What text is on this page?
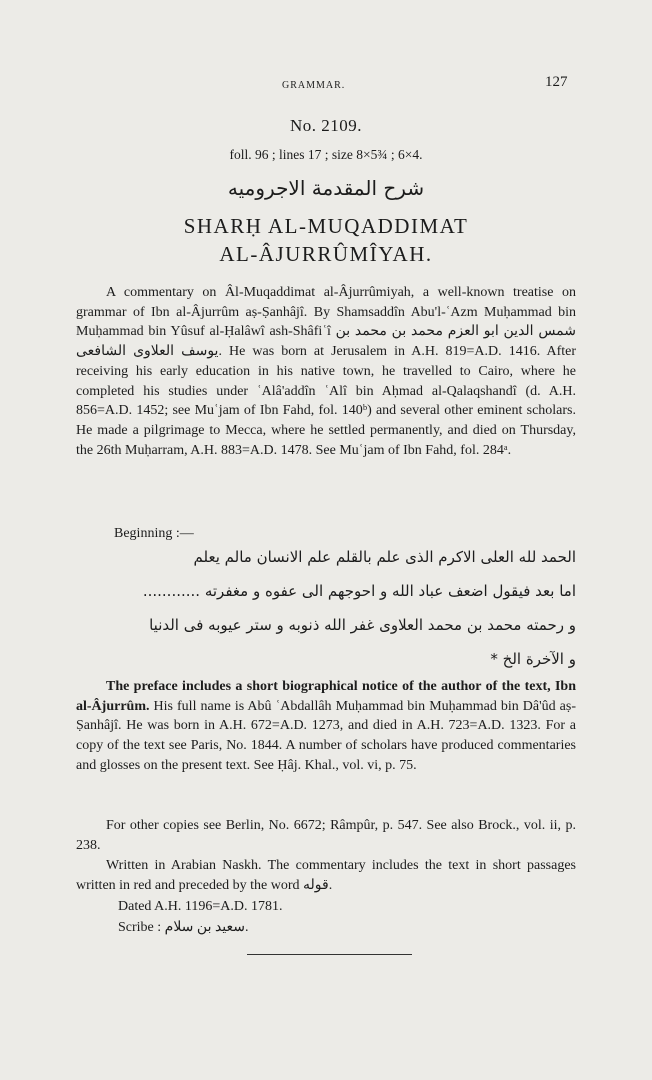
GRAMMAR.	127
No. 2109.
foll. 96 ; lines 17 ; size 8×5¾ ; 6×4.
شرح المقدمة الاجروميه
SHARḤ AL-MUQADDIMAT
AL-ÂJURRÛMÎYAH.

A commentary on Âl-Muqaddimat al-Âjurrûmiyah, a well-known treatise on grammar of Ibn al-Âjurrûm aṣ-Ṣanhâjî. By Shamsaddîn Abu'l-ʿAzm Muḥammad bin Muḥammad bin Yûsuf al-Ḥalâwî ash-Shâfiʿî شمس الدين ابو العزم محمد بن محمد بن يوسف العلاوى الشافعى. He was born at Jerusalem in A.H. 819=A.D. 1416. After receiving his early education in his native town, he travelled to Cairo, where he completed his studies under ʿAlâ'addîn ʿAlî bin Aḥmad al-Qalaqshandî (d. A.H. 856=A.D. 1452; see Muʿjam of Ibn Fahd, fol. 140ᵇ) and several other eminent scholars. He made a pilgrimage to Mecca, where he settled permanently, and died on Thursday, the 26th Muḥarram, A.H. 883=A.D. 1478. See Muʿjam of Ibn Fahd, fol. 284ᵃ.

Beginning :—
الحمد لله العلى الاكرم الذى علم بالقلم علم الانسان مالم يعلم
اما بعد فيقول اضعف عباد الله و احوجهم الى عفوه و مغفرته ............
و رحمته محمد بن محمد العلاوى غفر الله ذنوبه و ستر عيوبه فى الدنيا
و الآخرة الخ *

The preface includes a short biographical notice of the author of the text, Ibn al-Âjurrûm. His full name is Abû ʿAbdallâh Muḥammad bin Muḥammad bin Dâ'ûd aṣ-Ṣanhâjî. He was born in A.H. 672=A.D. 1273, and died in A.H. 723=A.D. 1323. For a copy of the text see Paris, No. 1844. A number of scholars have produced commentaries and glosses on the present text. See Ḥâj. Khal., vol. vi, p. 75.

For other copies see Berlin, No. 6672; Râmpûr, p. 547. See also Brock., vol. ii, p. 238.

Written in Arabian Naskh. The commentary includes the text in short passages written in red and preceded by the word قوله.

Dated A.H. 1196=A.D. 1781.
Scribe : سعيد بن سلام.
